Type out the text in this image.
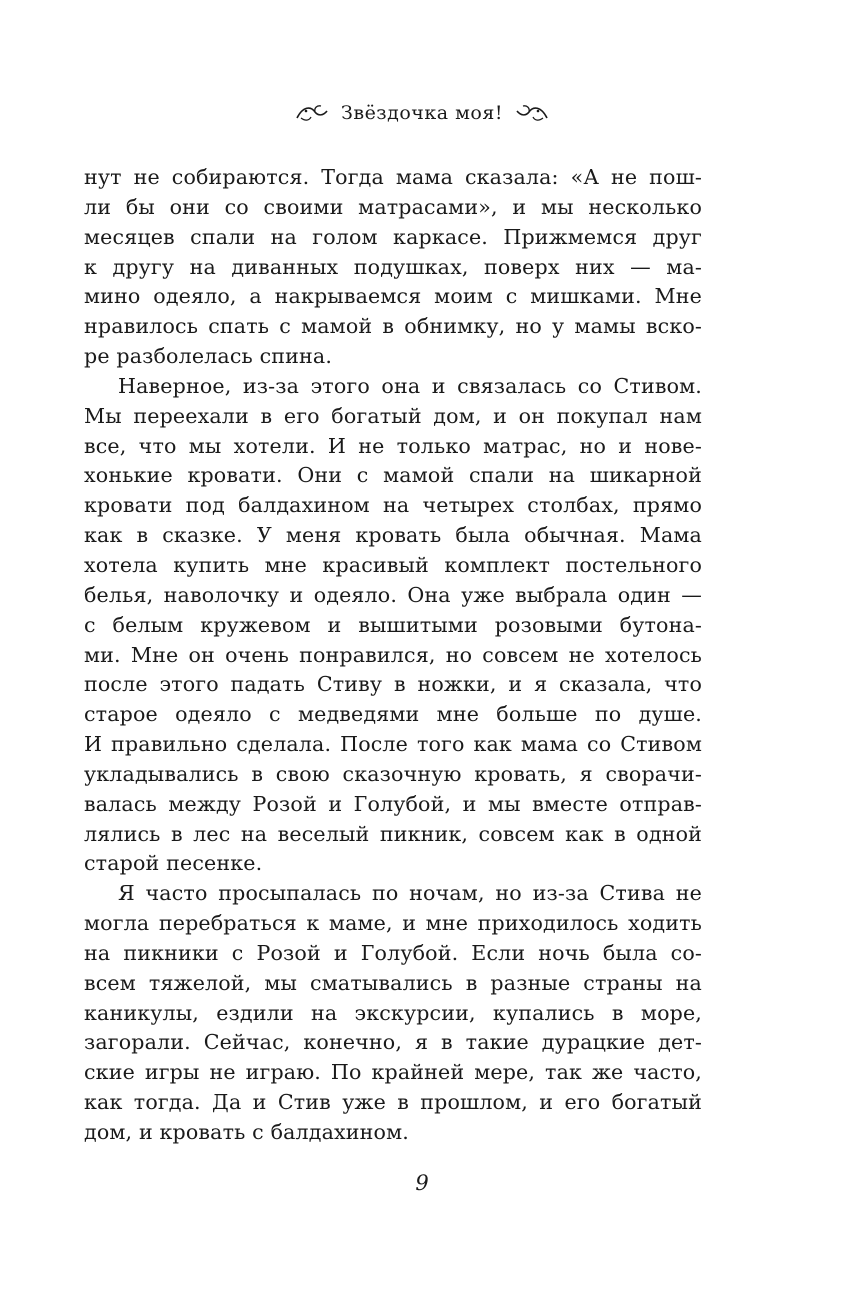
Звёздочка моя!
нут не собираются. Тогда мама сказала: «А не пош-
ли бы они со своими матрасами», и мы несколько
месяцев спали на голом каркасе. Прижмемся друг
к другу на диванных подушках, поверх них — ма-
мино одеяло, а накрываемся моим с мишками. Мне
нравилось спать с мамой в обнимку, но у мамы вско-
ре разболелась спина.
Наверное, из-за этого она и связалась со Стивом.
Мы переехали в его богатый дом, и он покупал нам
все, что мы хотели. И не только матрас, но и нове-
хонькие кровати. Они с мамой спали на шикарной
кровати под балдахином на четырех столбах, прямо
как в сказке. У меня кровать была обычная. Мама
хотела купить мне красивый комплект постельного
белья, наволочку и одеяло. Она уже выбрала один —
с белым кружевом и вышитыми розовыми бутона-
ми. Мне он очень понравился, но совсем не хотелось
после этого падать Стиву в ножки, и я сказала, что
старое одеяло с медведями мне больше по душе.
И правильно сделала. После того как мама со Стивом
укладывались в свою сказочную кровать, я сворачи-
валась между Розой и Голубой, и мы вместе отправ-
лялись в лес на веселый пикник, совсем как в одной
старой песенке.
Я часто просыпалась по ночам, но из-за Стива не
могла перебраться к маме, и мне приходилось ходить
на пикники с Розой и Голубой. Если ночь была со-
всем тяжелой, мы сматывались в разные страны на
каникулы, ездили на экскурсии, купались в море,
загорали. Сейчас, конечно, я в такие дурацкие дет-
ские игры не играю. По крайней мере, так же часто,
как тогда. Да и Стив уже в прошлом, и его богатый
дом, и кровать с балдахином.
9
